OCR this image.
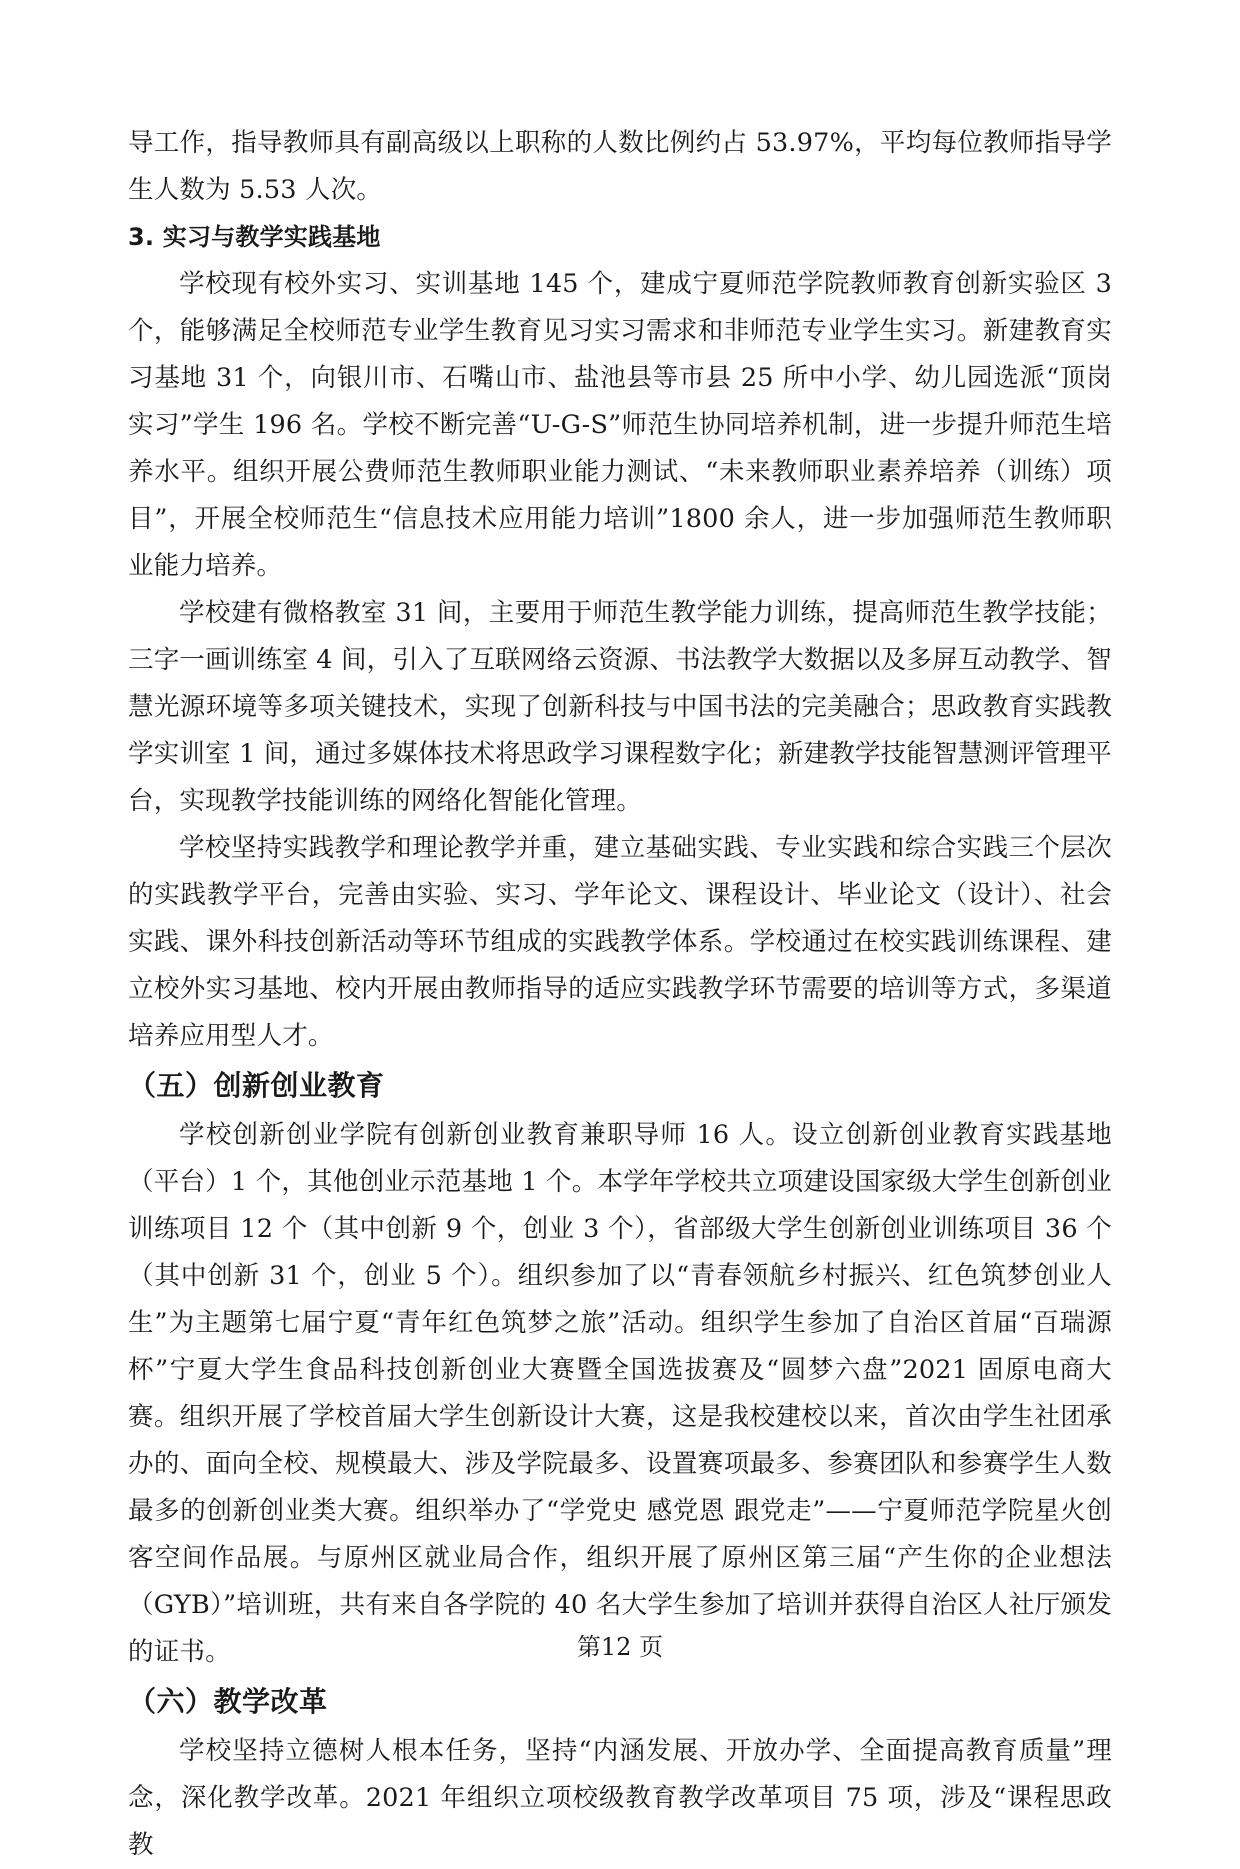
导工作，指导教师具有副高级以上职称的人数比例约占 53.97%，平均每位教师指导学生人数为 5.53 人次。

3. 实习与教学实践基地

学校现有校外实习、实训基地 145 个，建成宁夏师范学院教师教育创新实验区 3 个，能够满足全校师范专业学生教育见习实习需求和非师范专业学生实习。新建教育实习基地 31 个，向银川市、石嘴山市、盐池县等市县 25 所中小学、幼儿园选派“顶岗实习”学生 196 名。学校不断完善“U-G-S”师范生协同培养机制，进一步提升师范生培养水平。组织开展公费师范生教师职业能力测试、“未来教师职业素养培养（训练）项目”，开展全校师范生“信息技术应用能力培训”1800 余人，进一步加强师范生教师职业能力培养。

学校建有微格教室 31 间，主要用于师范生教学能力训练，提高师范生教学技能；三字一画训练室 4 间，引入了互联网络云资源、书法教学大数据以及多屏互动教学、智慧光源环境等多项关键技术，实现了创新科技与中国书法的完美融合；思政教育实践教学实训室 1 间，通过多媒体技术将思政学习课程数字化；新建教学技能智慧测评管理平台，实现教学技能训练的网络化智能化管理。

学校坚持实践教学和理论教学并重，建立基础实践、专业实践和综合实践三个层次的实践教学平台，完善由实验、实习、学年论文、课程设计、毕业论文（设计）、社会实践、课外科技创新活动等环节组成的实践教学体系。学校通过在校实践训练课程、建立校外实习基地、校内开展由教师指导的适应实践教学环节需要的培训等方式，多渠道培养应用型人才。

（五）创新创业教育

学校创新创业学院有创新创业教育兼职导师 16 人。设立创新创业教育实践基地（平台）1 个，其他创业示范基地 1 个。本学年学校共立项建设国家级大学生创新创业训练项目 12 个（其中创新 9 个，创业 3 个），省部级大学生创新创业训练项目 36 个（其中创新 31 个，创业 5 个）。组织参加了以“青春领航乡村振兴、红色筑梦创业人生”为主题第七届宁夏“青年红色筑梦之旅”活动。组织学生参加了自治区首届“百瑞源杯”宁夏大学生食品科技创新创业大赛暨全国选拔赛及“圆梦六盘”2021 固原电商大赛。组织开展了学校首届大学生创新设计大赛，这是我校建校以来，首次由学生社团承办的、面向全校、规模最大、涉及学院最多、设置赛项最多、参赛团队和参赛学生人数最多的创新创业类大赛。组织举办了“学党史 感党恩 跟党走”——宁夏师范学院星火创客空间作品展。与原州区就业局合作，组织开展了原州区第三届“产生你的企业想法（GYB）”培训班，共有来自各学院的 40 名大学生参加了培训并获得自治区人社厅颁发的证书。

（六）教学改革

学校坚持立德树人根本任务，坚持“内涵发展、开放办学、全面提高教育质量”理念，深化教学改革。2021 年组织立项校级教育教学改革项目 75 项，涉及“课程思政教

第12 页
